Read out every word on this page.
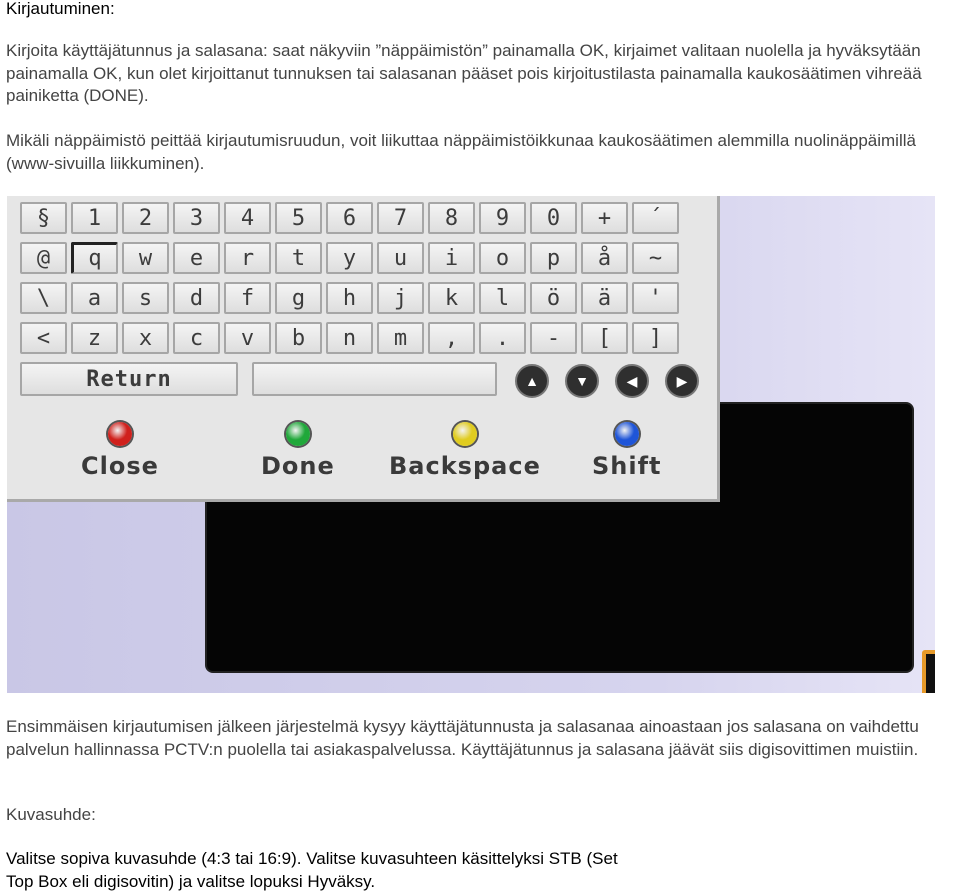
Kirjautuminen:

Kirjoita käyttäjätunnus ja salasana: saat näkyviin ”näppäimistön” painamalla OK, kirjaimet valitaan nuolella ja hyväksytään painamalla OK, kun olet kirjoittanut tunnuksen tai salasanan pääset pois kirjoitustilasta painamalla kaukosäätimen vihreää painiketta (DONE).

Mikäli näppäimistö peittää kirjautumisruudun, voit liikuttaa näppäimistöikkunaa kaukosäätimen alemmilla nuolinäppäimillä (www-sivuilla liikkuminen).

§	1	2	3	4	5	6	7	8	9	0	+	´
@	q	w	e	r	t	y	u	i	o	p	å	~
\	a	s	d	f	g	h	j	k	l	ö	ä	'
<	z	x	c	v	b	n	m	,	.	-	[	]
Return	▲	▼	◀	▶
Close	Done Backspace Shift

Ensimmäisen kirjautumisen jälkeen järjestelmä kysyy käyttäjätunnusta ja salasanaa ainoastaan jos salasana on vaihdettu palvelun hallinnassa PCTV:n puolella tai asiakaspalvelussa. Käyttäjätunnus ja salasana jäävät siis digisovittimen muistiin.

Kuvasuhde:

Valitse sopiva kuvasuhde (4:3 tai 16:9). Valitse kuvasuhteen käsittelyksi STB (Set Top Box eli digisovitin) ja valitse lopuksi Hyväksy.
